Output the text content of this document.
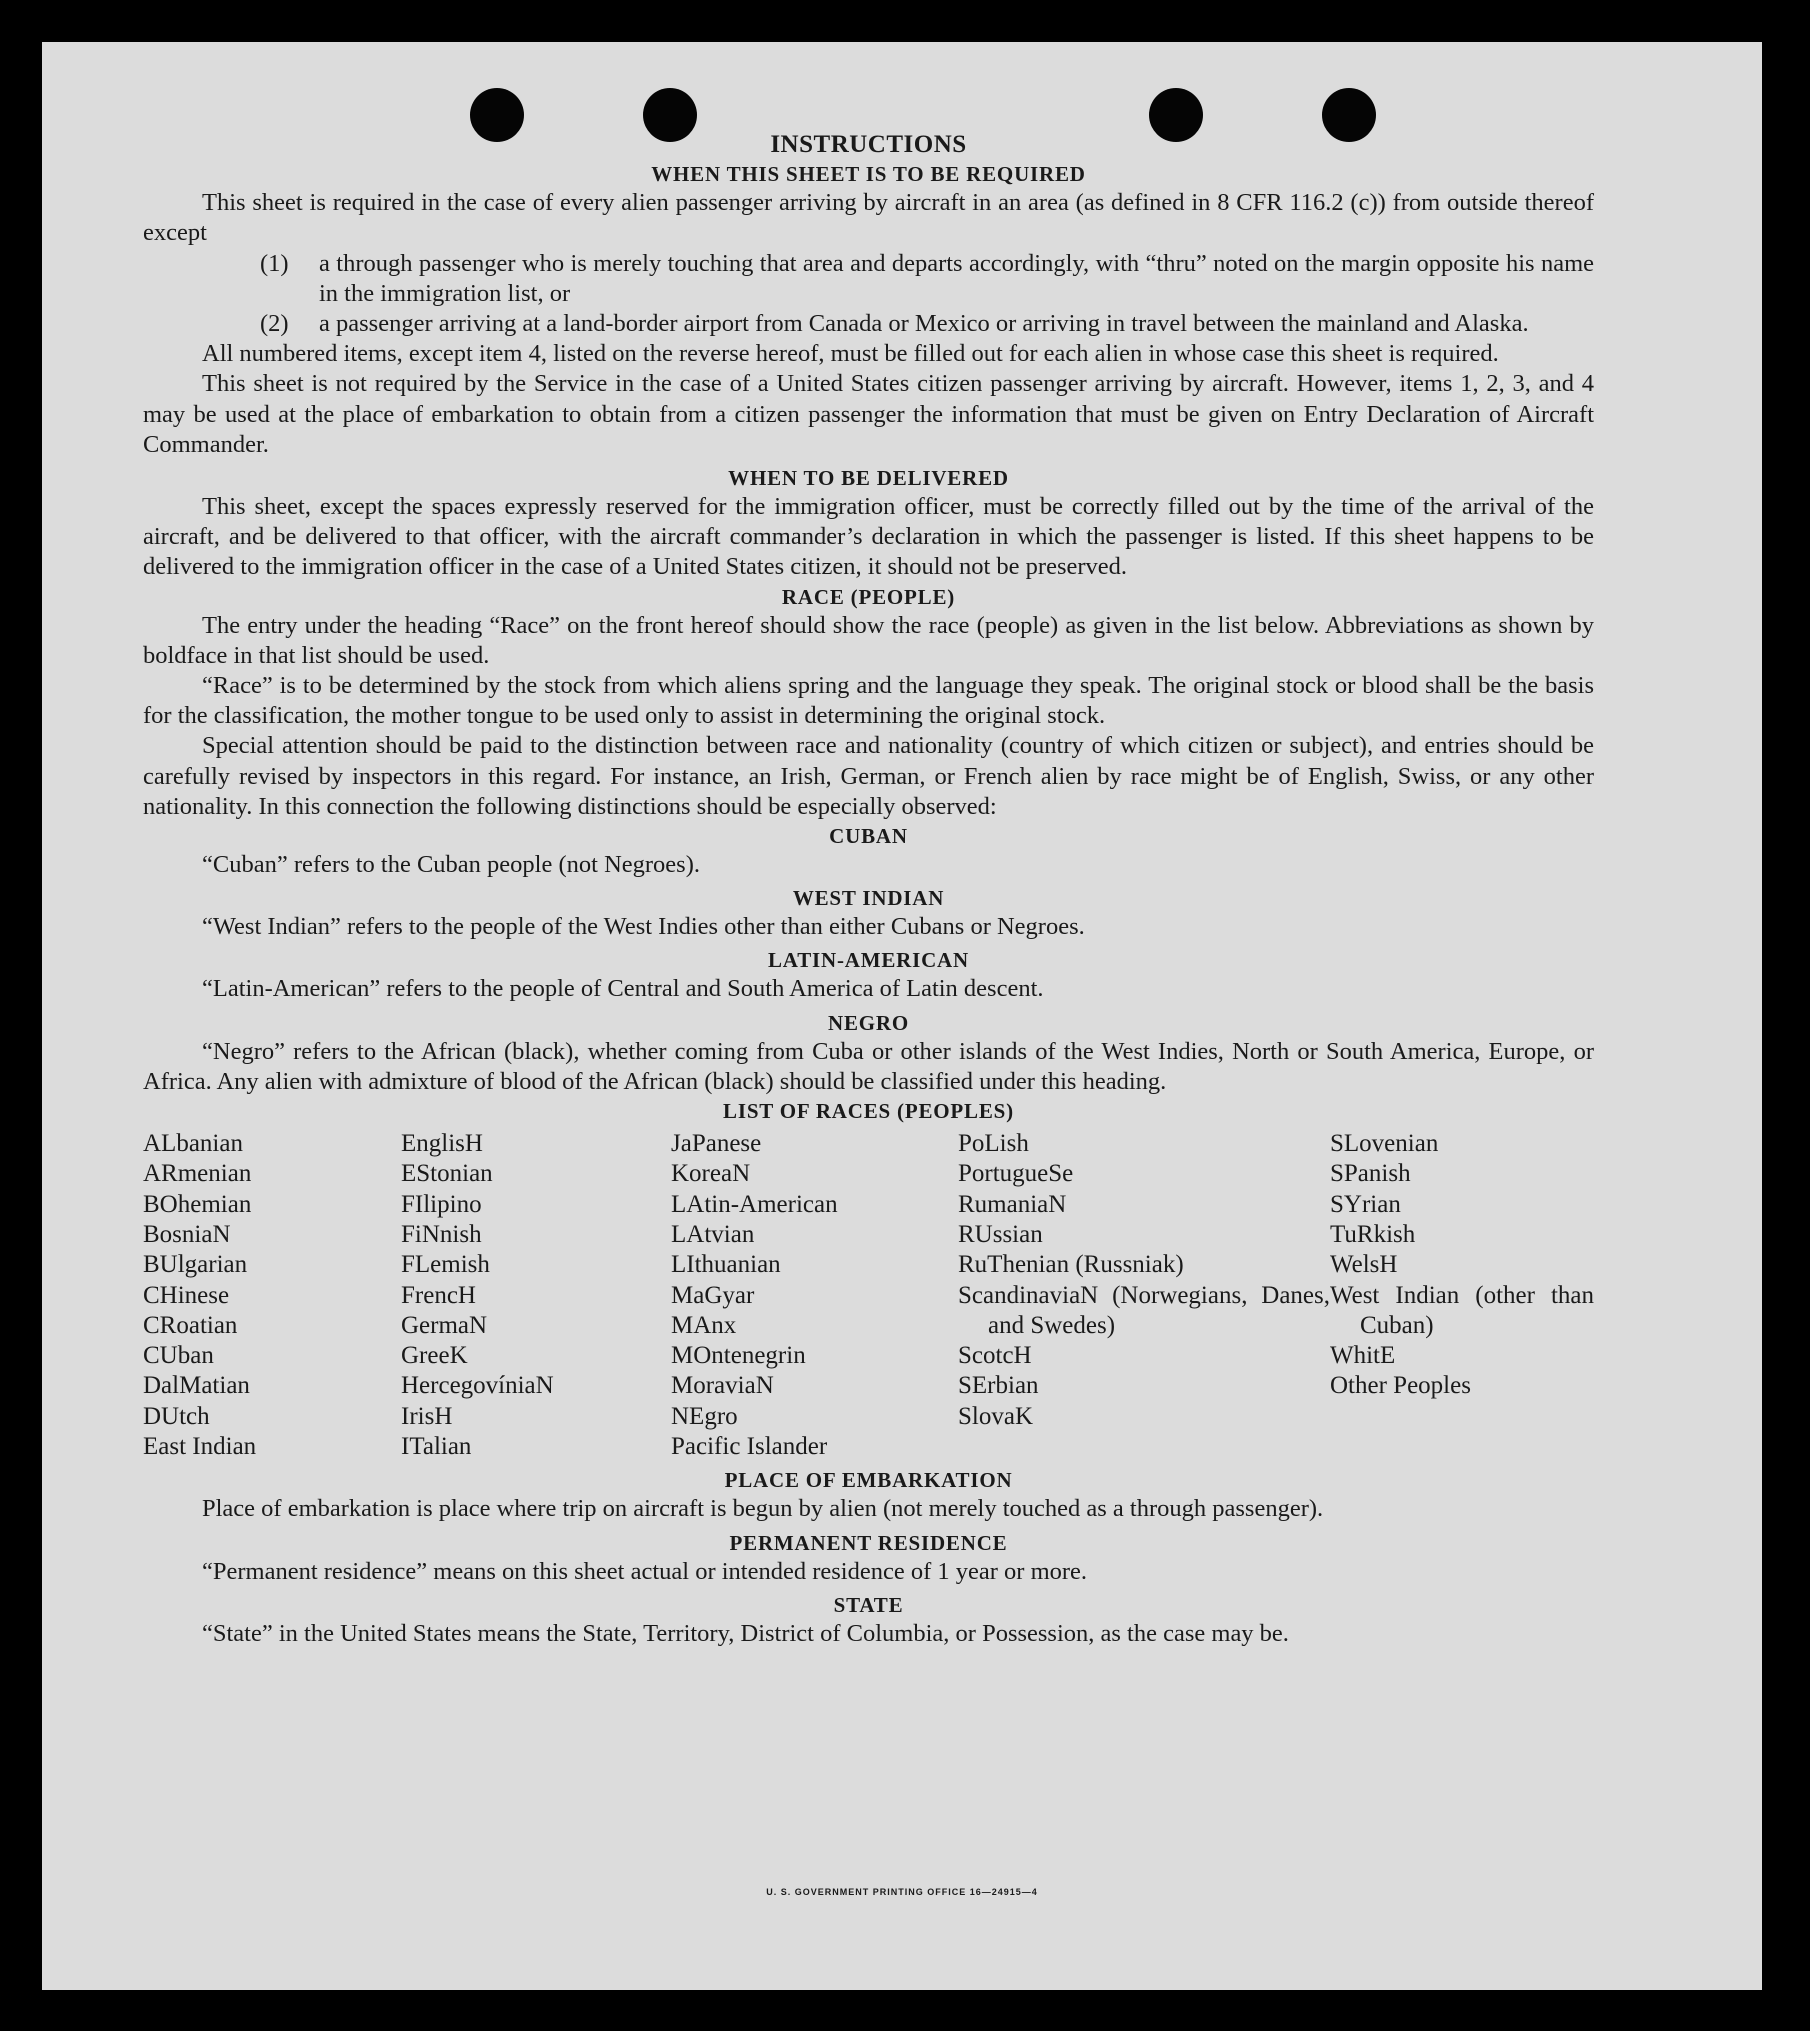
INSTRUCTIONS
WHEN THIS SHEET IS TO BE REQUIRED

This sheet is required in the case of every alien passenger arriving by aircraft in an area (as defined in 8 CFR 116.2 (c)) from outside thereof except

(1) a through passenger who is merely touching that area and departs accordingly, with “thru” noted on the margin opposite his name in the immigration list, or
(2) a passenger arriving at a land-border airport from Canada or Mexico or arriving in travel between the mainland and Alaska.

All numbered items, except item 4, listed on the reverse hereof, must be filled out for each alien in whose case this sheet is required.

This sheet is not required by the Service in the case of a United States citizen passenger arriving by aircraft. However, items 1, 2, 3, and 4 may be used at the place of embarkation to obtain from a citizen passenger the information that must be given on Entry Declaration of Aircraft Commander.

WHEN TO BE DELIVERED

This sheet, except the spaces expressly reserved for the immigration officer, must be correctly filled out by the time of the arrival of the aircraft, and be delivered to that officer, with the aircraft commander’s declaration in which the passenger is listed. If this sheet happens to be delivered to the immigration officer in the case of a United States citizen, it should not be preserved.

RACE (PEOPLE)

The entry under the heading “Race” on the front hereof should show the race (people) as given in the list below. Abbreviations as shown by boldface in that list should be used.

“Race” is to be determined by the stock from which aliens spring and the language they speak. The original stock or blood shall be the basis for the classification, the mother tongue to be used only to assist in determining the original stock.

Special attention should be paid to the distinction between race and nationality (country of which citizen or subject), and entries should be carefully revised by inspectors in this regard. For instance, an Irish, German, or French alien by race might be of English, Swiss, or any other nationality. In this connection the following distinctions should be especially observed:

CUBAN

“Cuban” refers to the Cuban people (not Negroes).

WEST INDIAN

“West Indian” refers to the people of the West Indies other than either Cubans or Negroes.

LATIN-AMERICAN

“Latin-American” refers to the people of Central and South America of Latin descent.

NEGRO

“Negro” refers to the African (black), whether coming from Cuba or other islands of the West Indies, North or South America, Europe, or Africa. Any alien with admixture of blood of the African (black) should be classified under this heading.

LIST OF RACES (PEOPLES)
ALbanian
ARmenian
BOhemian
BosniaN
BUlgarian
CHinese
CRoatian
CUban
DalMatian
DUtch
East Indian
EnglisH
EStonian
FIlipino
FiNnish
FLemish
FrencH
GermaN
GreeK
HercegovíniaN
IrisH
ITalian
JaPanese
KoreaN
LAtin-American
LAtvian
LIthuanian
MaGyar
MAnx
MOntenegrin
MoraviaN
NEgro
Pacific Islander
PoLish
PortugueSe
RumaniaN
RUssian
RuThenian (Russniak)
ScandinaviaN (Norwegians, Danes, and Swedes)
ScotcH
SErbian
SlovaK
SLovenian
SPanish
SYrian
TuRkish
WelsH
West Indian (other than Cuban)
WhitE
Other Peoples
PLACE OF EMBARKATION

Place of embarkation is place where trip on aircraft is begun by alien (not merely touched as a through passenger).

PERMANENT RESIDENCE

“Permanent residence” means on this sheet actual or intended residence of 1 year or more.

STATE

“State” in the United States means the State, Territory, District of Columbia, or Possession, as the case may be.

U. S. GOVERNMENT PRINTING OFFICE 16—24915—4
